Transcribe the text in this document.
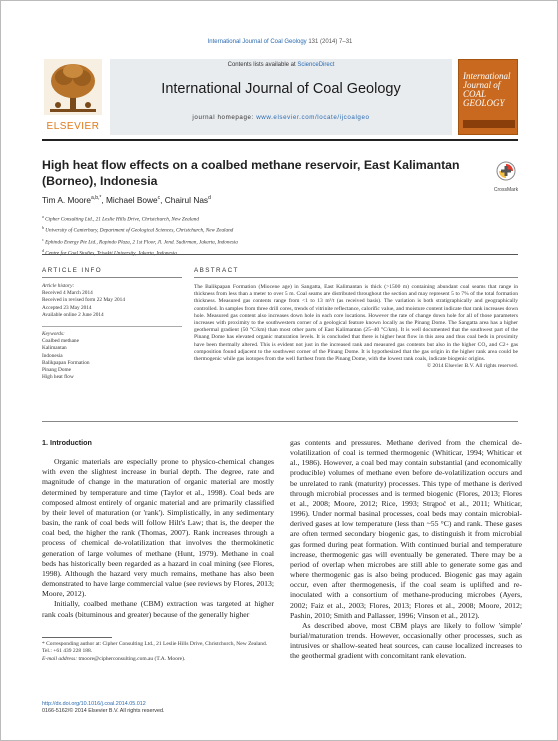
International Journal of Coal Geology 131 (2014) 7–31
ELSEVIER
Contents lists available at ScienceDirect
International Journal of Coal Geology
journal homepage: www.elsevier.com/locate/ijcoalgeo
International Journal of COAL GEOLOGY
High heat flow effects on a coalbed methane reservoir, East Kalimantan (Borneo), Indonesia
CrossMark
Tim A. Moore$^{a,b,*}$, Michael Bowe$^c$, Chairul Nas$^d$
$^a$ Cipher Consulting Ltd., 21 Leslie Hills Drive, Christchurch, New Zealand
$^b$ University of Canterbury, Department of Geological Sciences, Christchurch, New Zealand
$^c$ Ephindo Energy Pte Ltd., Rapindo Plaza, 2 1st Floor, Jl. Jend. Sudirman, Jakarta, Indonesia
$^d$
ARTICLE INFO	ABSTRACT
Article history:
Received 4 March 2014
Received in revised form 22 May 2014
Accepted 23 May 2014
Available online 2 June 2014
Keywords:
Coalbed methane
Kalimantan
Indonesia
Balikpapan Formation
Pinang Dome
High heat flow
The Balikpapan Formation (Miocene age) in Sangatta, East Kalimantan is thick (>1500 m) containing abundant coal seams that range in thickness from less than a meter to over 5 m. Coal seams are distributed throughout the section and may represent 5 to 7% of the total formation thickness. Measured gas contents range from <1 to 13 m³/t (as received basis). The variation is both stratigraphically and geographically controlled. In samples from three drill cores, trends of vitrinite reflectance, calorific value, and moisture content indicate that rank increases down hole. Measured gas content also increases down hole in each core locations. However the rate of change down hole for all of those parameters increases with proximity to the southwestern corner of a geological feature known locally as the Pinang Dome. The Sangatta area has a higher geothermal gradient (50 °C/km) than most other parts of East Kalimantan (25–40 °C/km). It is well documented that the southwest part of the Pinang Dome has elevated organic maturation levels. It is concluded that there is higher heat flow in this area and thus coal beds in proximity have been thermally altered. This is evident not just in the increased rank and measured gas contents but also in the higher CO₂ and C2+ gas composition found adjacent to the southwest corner of the Pinang Dome. It is hypothesized that the gas origin in the higher rank area could be thermogenic while gas isotopes from the well furthest from the Pinang Dome, with the lowest rank coals, indicate biogenic origins.
© 2014 Elsevier B.V. All rights reserved.
1. Introduction

Organic materials are especially prone to physico-chemical changes with even the slightest increase in burial depth. The degree, rate and magnitude of change in the maturation of organic material are mostly determined by temperature and time (Taylor et al., 1998). Coal beds are composed almost entirely of organic material and are primarily classified by their level of maturation (or 'rank'). Simplistically, in any sedimentary basin, the rank of coal beds will follow Hilt's Law; that is, the deeper the coal bed, the higher the rank (Thomas, 2007). Rank increases through a process of chemical de-volatilization that involves the thermokinetic generation of large volumes of methane (Hunt, 1979). Methane in coal beds has historically been regarded as a hazard in coal mining (see Flores, 1998). Although the hazard very much remains, methane has also been demonstrated to have large commercial value (see reviews by Flores, 2013; Moore, 2012).

Initially, coalbed methane (CBM) extraction was targeted at higher rank coals (bituminous and greater) because of the generally higher

gas contents and pressures. Methane derived from the chemical de-volatilization of coal is termed thermogenic (Whiticar, 1994; Whiticar et al., 1986). However, a coal bed may contain substantial (and economically producible) volumes of methane even before de-volatilization occurs and be unrelated to rank (maturity) processes. This type of methane is derived through microbial processes and is termed biogenic (Flores, 2013; Flores et al., 2008; Moore, 2012; Rice, 1993; Strąpoć et al., 2011; Whiticar, 1996). Under normal basinal processes, coal beds may contain microbial-derived gases at low temperature (less than ~55 °C) and rank. These gases are often termed secondary biogenic gas, to distinguish it from microbial gas formed during peat formation. With continued burial and temperature increase, thermogenic gas will eventually be generated. There may be a period of overlap when microbes are still able to generate some gas and where thermogenic gas is also being produced. Biogenic gas may again occur, even after thermogenesis, if the coal seam is uplifted and re-inoculated with a consortium of methane-producing microbes (Ayers, 2002; Faiz et al., 2003; Flores, 2013; Flores et al., 2008; Moore, 2012; Pashin, 2010; Smith and Pallasser, 1996; Vinson et al., 2012).

As described above, most CBM plays are likely to follow 'simple' burial/maturation trends. However, occasionally other processes, such as intrusives or shallow-seated heat sources, can cause localized increases to the geothermal gradient with concomitant rank elevation.

* Corresponding author at: Cipher Consulting Ltd., 21 Leslie Hills Drive, Christchurch, New Zealand. Tel.: +61 439 228 188.
E-mail address: tmoore@cipherconsulting.com.au (T.A. Moore).
http://dx.doi.org/10.1016/j.coal.2014.05.012
0166-5162/© 2014 Elsevier B.V. All rights reserved.
